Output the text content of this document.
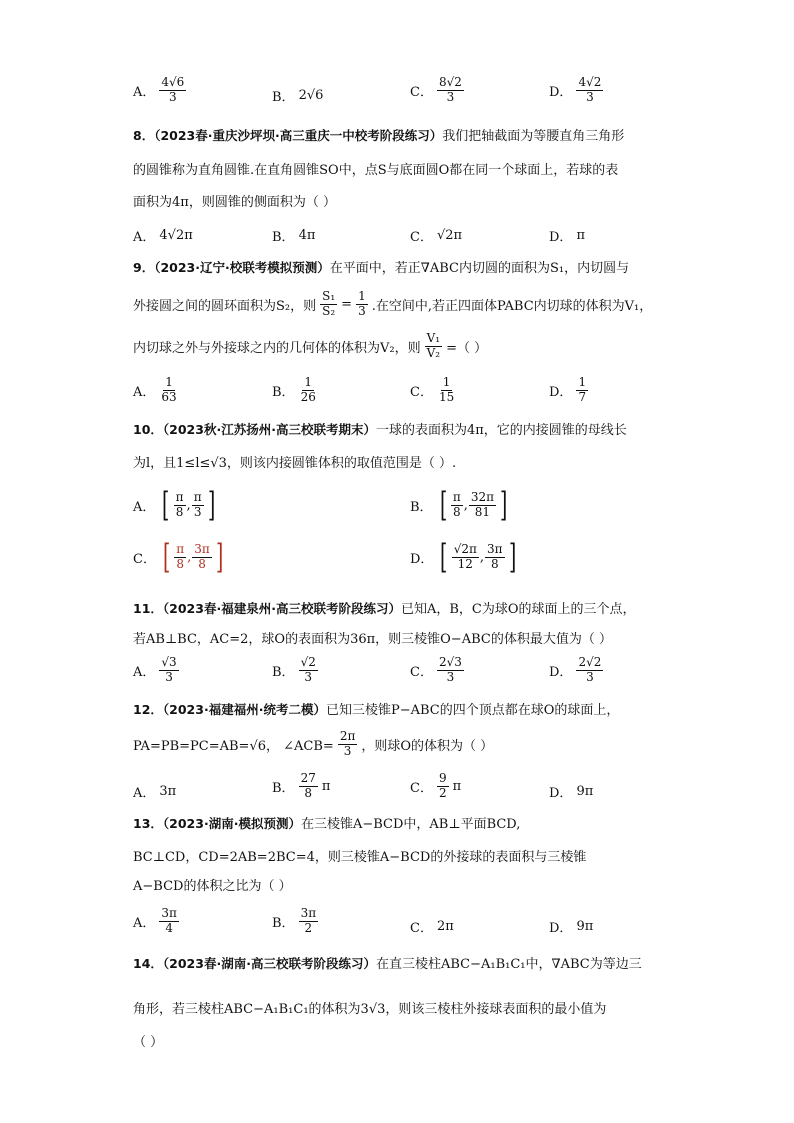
A． $\frac{4√6}{3}$	B． 2√6	C． $\frac{8√2}{3}$	D． $\frac{4√2}{3}$
8．（2023春·重庆沙坪坝·高三重庆一中校考阶段练习）我们把轴截面为等腰直角三角形
的圆锥称为直角圆锥.在直角圆锥SO中，点S与底面圆O都在同一个球面上，若球的表
面积为4π，则圆锥的侧面积为（ ）
A． 4√2π	B． 4π	C． √2π	D． π
9．（2023·辽宁·校联考模拟预测）在平面中，若正∇ABC内切圆的面积为S₁，内切圆与
外接圆之间的圆环面积为S₂，则 $\frac{\text{S₁}}{\text{S₂}} = \frac{1}{3}$ .在空间中,若正四面体PABC内切球的体积为V₁，
内切球之外与外接球之内的几何体的体积为V₂，则 $\frac{\text{V₁}}{\text{V₂}}$ =（ ）
A． $\frac{1}{63}$	B． $\frac{1}{26}$	C． $\frac{1}{15}$	D． $\frac{1}{7}$
10．（2023秋·江苏扬州·高三校联考期末）一球的表面积为4π，它的内接圆锥的母线长
为l，且1≤l≤√3，则该内接圆锥体积的取值范围是（ ）.
A． [ $\frac{\pi}{8}$ , $\frac{\pi}{3}$ ]	B． [ $\frac{\pi}{8}$ , $\frac{32\pi}{81}$ ]
C． [ $\frac{\pi}{8}$ , $\frac{3\pi}{8}$ ]	D． [ $\frac{√2\pi}{12}$ , $\frac{3\pi}{8}$ ]
11．（2023春·福建泉州·高三校联考阶段练习）已知A，B，C为球O的球面上的三个点，
若AB⊥BC，AC=2，球O的表面积为36π，则三棱锥O−ABC的体积最大值为（ ）
A． $\frac{√3}{3}$	B． $\frac{√2}{3}$	C． $\frac{2√3}{3}$	D． $\frac{2√2}{3}$
12．（2023·福建福州·统考二模）已知三棱锥P−ABC的四个顶点都在球O的球面上，
PA=PB=PC=AB=√6， ∠ACB= $\frac{2\pi}{3}$ ，则球O的体积为（ ）
A． 3π	B． $\frac{27}{8}$ π	C． $\frac{9}{2}$ π	D． 9π
13．（2023·湖南·模拟预测）在三棱锥A−BCD中，AB⊥平面BCD,
BC⊥CD，CD=2AB=2BC=4，则三棱锥A−BCD的外接球的表面积与三棱锥
A−BCD的体积之比为（ ）
A． $\frac{3\pi}{4}$	B． $\frac{3\pi}{2}$	C． 2π	D． 9π
14．（2023春·湖南·高三校联考阶段练习）在直三棱柱ABC−A₁B₁C₁中，∇ABC为等边三
角形，若三棱柱ABC−A₁B₁C₁的体积为3√3，则该三棱柱外接球表面积的最小值为
（ ）
